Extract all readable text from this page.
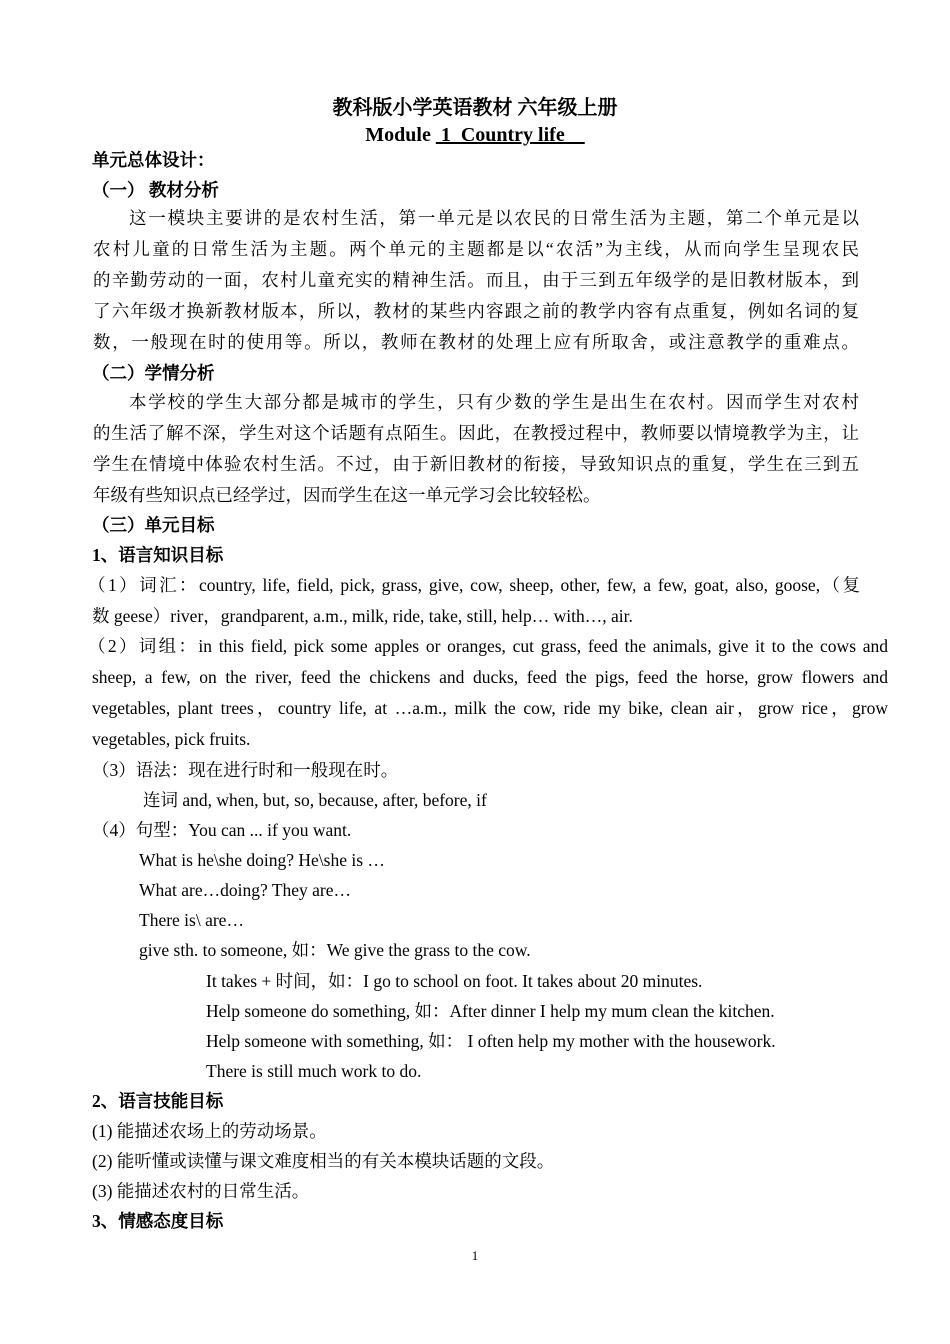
教科版小学英语教材 六年级上册
Module  1  Country life
单元总体设计：
（一） 教材分析
这一模块主要讲的是农村生活，第一单元是以农民的日常生活为主题，第二个单元是以
农村儿童的日常生活为主题。两个单元的主题都是以“农活”为主线，从而向学生呈现农民
的辛勤劳动的一面，农村儿童充实的精神生活。而且，由于三到五年级学的是旧教材版本，到
了六年级才换新教材版本，所以，教材的某些内容跟之前的教学内容有点重复，例如名词的复
数，一般现在时的使用等。所以，教师在教材的处理上应有所取舍，或注意教学的重难点。
（二）学情分析
本学校的学生大部分都是城市的学生，只有少数的学生是出生在农村。因而学生对农村
的生活了解不深，学生对这个话题有点陌生。因此，在教授过程中，教师要以情境教学为主，让
学生在情境中体验农村生活。不过，由于新旧教材的衔接，导致知识点的重复，学生在三到五
年级有些知识点已经学过，因而学生在这一单元学习会比较轻松。
（三）单元目标
1、语言知识目标
（1）词汇：country, life, field, pick, grass, give, cow, sheep, other, few, a few, goat, also, goose,（复
数 geese）river，grandparent, a.m., milk, ride, take, still, help… with…, air.
（2）词组：in this field, pick some apples or oranges, cut grass, feed the animals, give it to the cows and
sheep, a few, on the river, feed the chickens and ducks, feed the pigs, feed the horse, grow flowers and
vegetables, plant trees，country life, at …a.m., milk the cow, ride my bike, clean air，grow rice，grow
vegetables, pick fruits.
（3）语法：现在进行时和一般现在时。
连词 and, when, but, so, because, after, before, if
（4）句型：You can ... if you want.
What is he\she doing? He\she is …
What are…doing? They are…
There is\ are…
give sth. to someone, 如：We give the grass to the cow.
It takes + 时间，如：I go to school on foot. It takes about 20 minutes.
Help someone do something, 如：After dinner I help my mum clean the kitchen.
Help someone with something, 如： I often help my mother with the housework.
There is still much work to do.
2、语言技能目标
(1) 能描述农场上的劳动场景。
(2) 能听懂或读懂与课文难度相当的有关本模块话题的文段。
(3) 能描述农村的日常生活。
3、情感态度目标
1
